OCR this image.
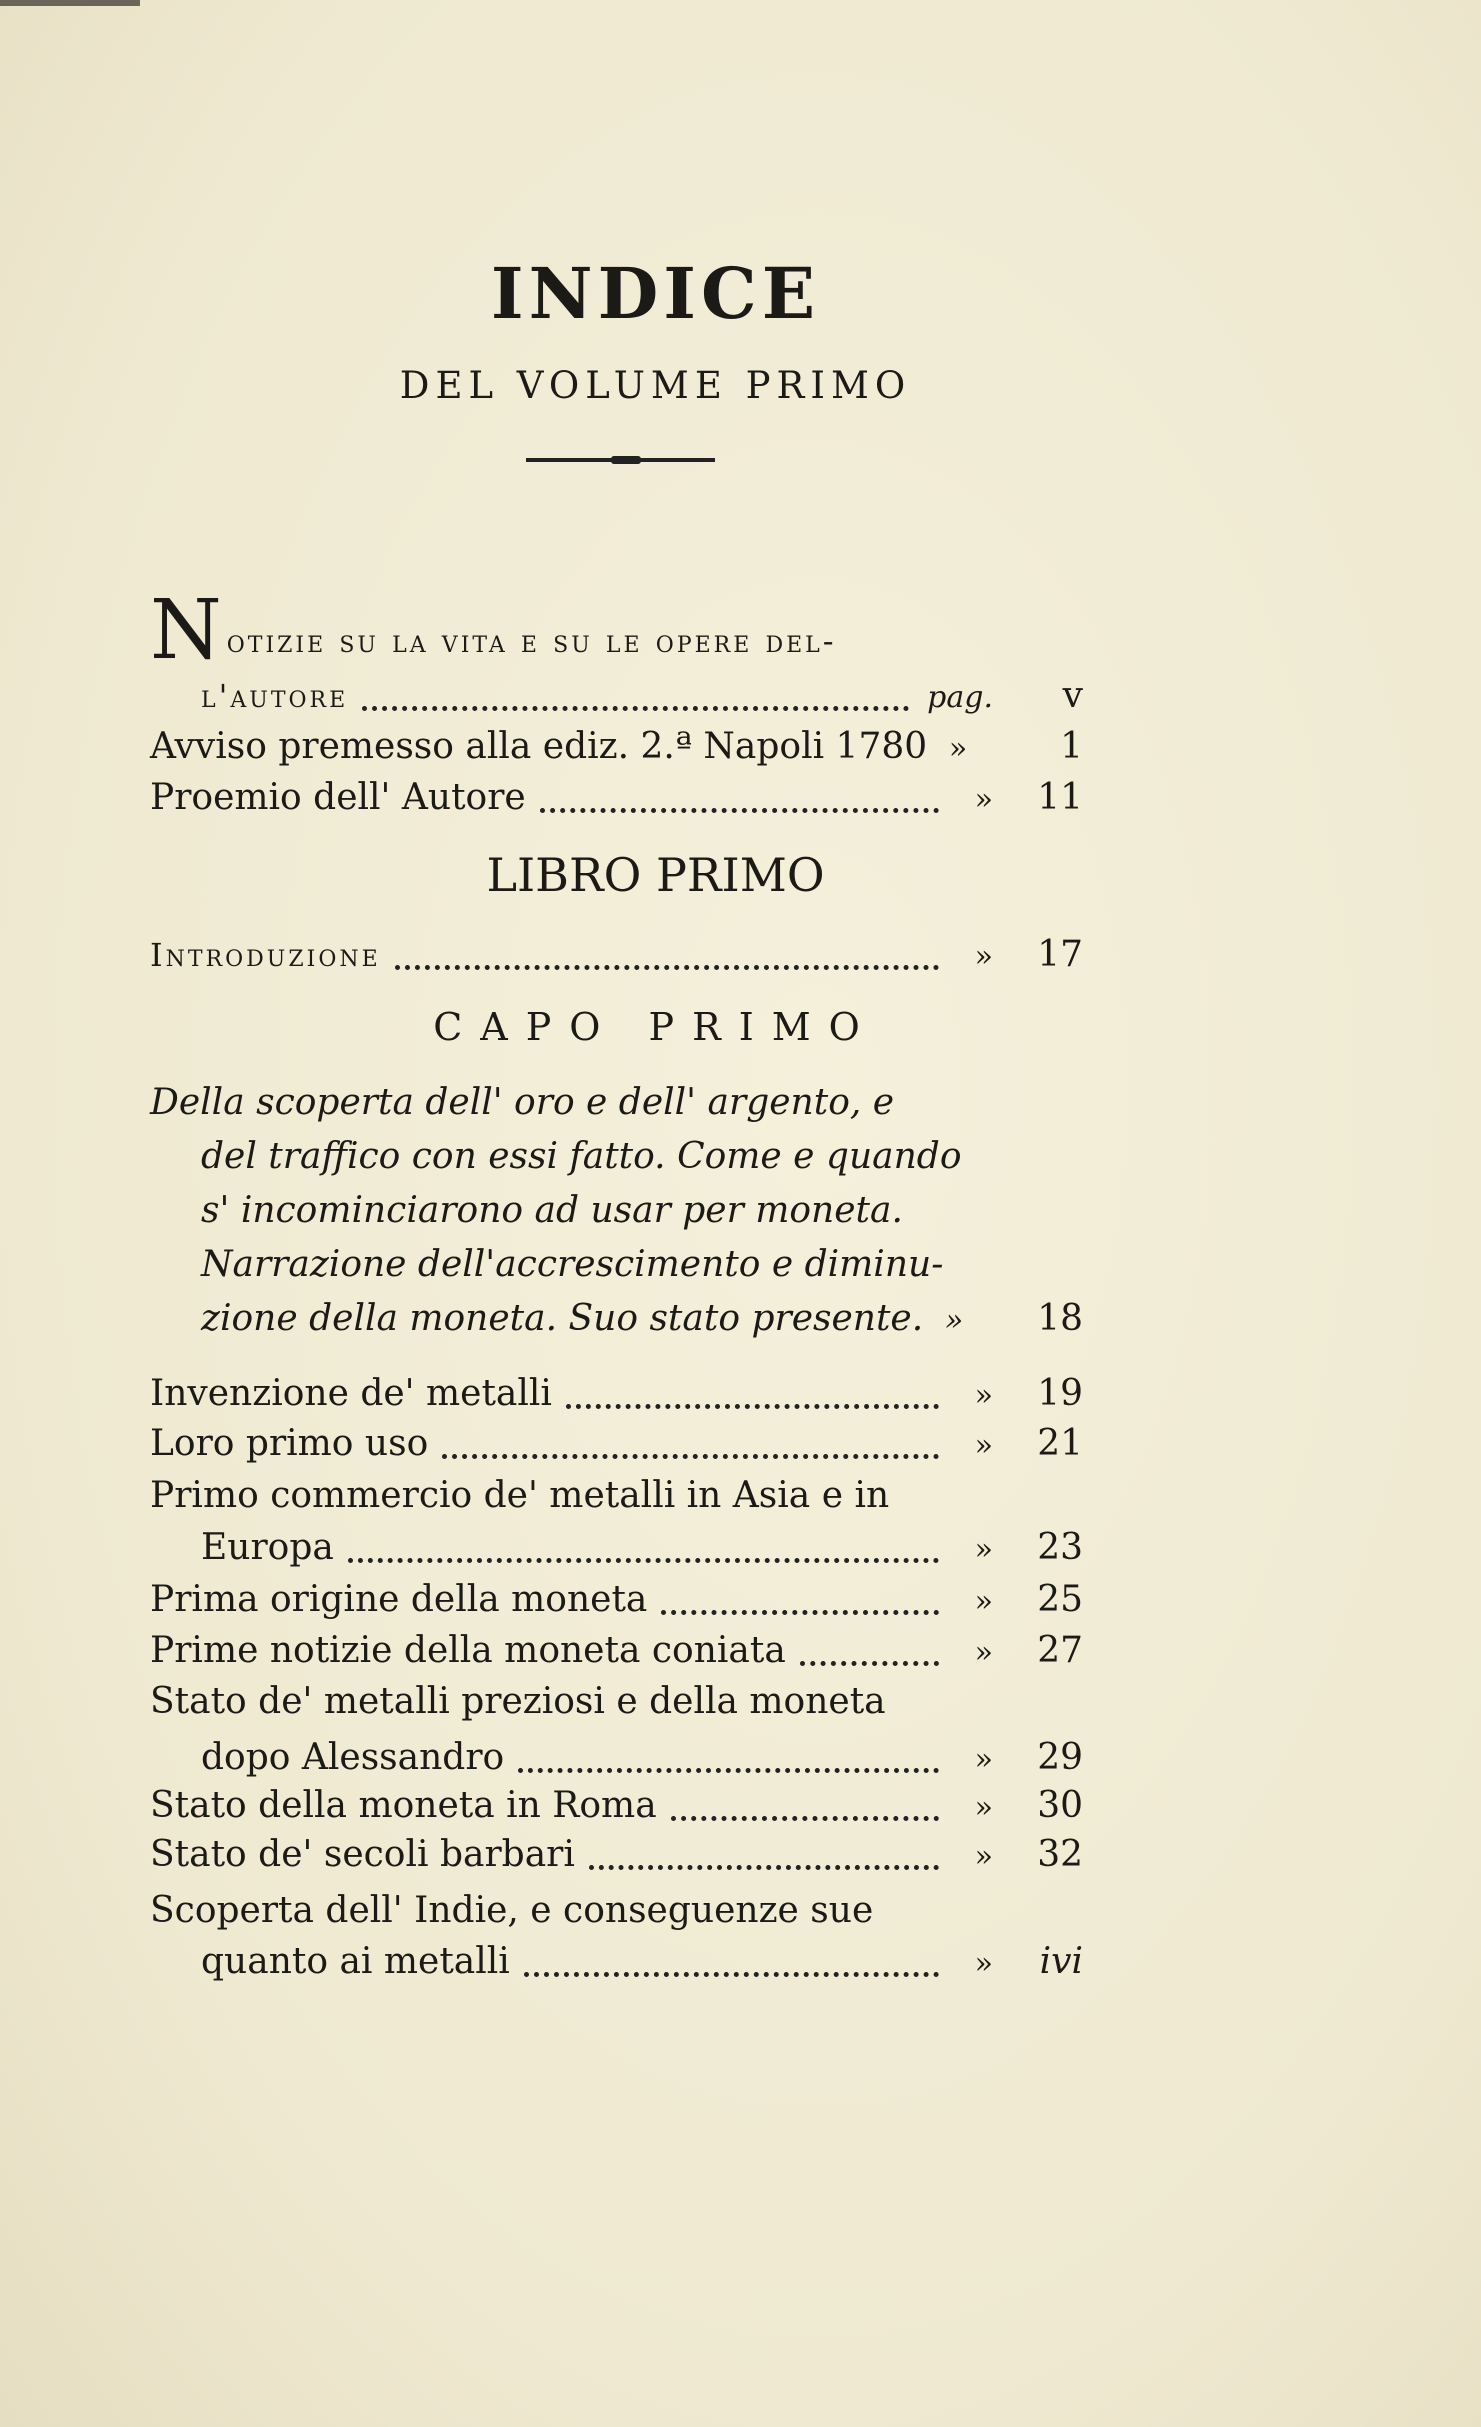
INDICE
DEL VOLUME PRIMO
Notizie su la vita e su le opere del-
l'autore	pag.	v
Avviso premesso alla ediz. 2.ª Napoli 1780 »	1
Proemio dell' Autore	»	11
LIBRO PRIMO
Introduzione	»	17
CAPO PRIMO
Della scoperta dell' oro e dell' argento, e
del traffico con essi fatto. Come e quando
s' incominciarono ad usar per moneta.
Narrazione dell'accrescimento e diminu-
zione della moneta. Suo stato presente. »	18
Invenzione de' metalli	»	19
Loro primo uso	»	21
Primo commercio de' metalli in Asia e in
Europa	»	23
Prima origine della moneta	»	25
Prime notizie della moneta coniata	»	27
Stato de' metalli preziosi e della moneta
dopo Alessandro	»	29
Stato della moneta in Roma	»	30
Stato de' secoli barbari	»	32
Scoperta dell' Indie, e conseguenze sue
quanto ai metalli	»	ivi
